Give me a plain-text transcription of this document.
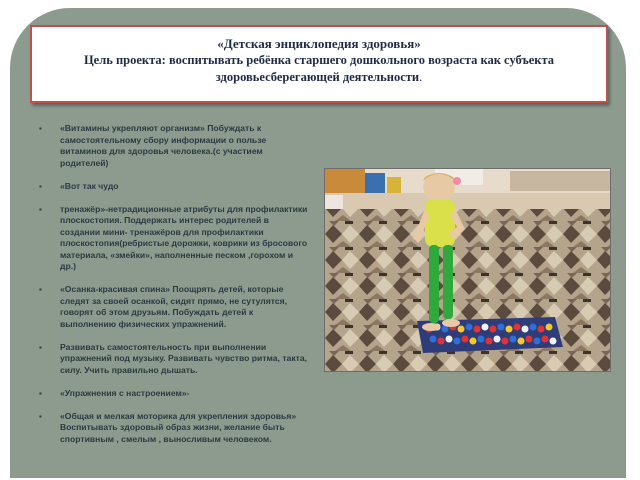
«Детская энциклопедия здоровья»

Цель проекта: воспитывать ребёнка старшего дошкольного возраста как субъекта

здоровьесберегающей деятельности.

▪ «Витамины укрепляют организм» Побуждать к самостоятельному сбору информации о пользе витаминов для здоровья человека.(с участием родителей)
▪ «Вот так чудо
▪ тренажёр»-нетрадиционные атрибуты для профилактики плоскостопия. Поддержать интерес родителей в создании мини- тренажёров для профилактики плоскостопия(ребристые дорожки, коврики из бросового материала, «змейки», наполненные песком ,горохом и др.)
▪ «Осанка-красивая спина» Поощрять детей, которые следят за своей осанкой, сидят прямо, не сутулятся, говорят об этом друзьям. Побуждать детей к выполнению физических упражнений.
▪ Развивать самостоятельность при выполнении упражнений под музыку. Развивать чувство ритма, такта, силу. Учить правильно дышать.
▪ «Упражнения с настроением»-
▪ «Общая и мелкая моторика для укрепления здоровья» Воспитывать здоровый образ жизни, желание быть спортивным , смелым , выносливым человеком.
